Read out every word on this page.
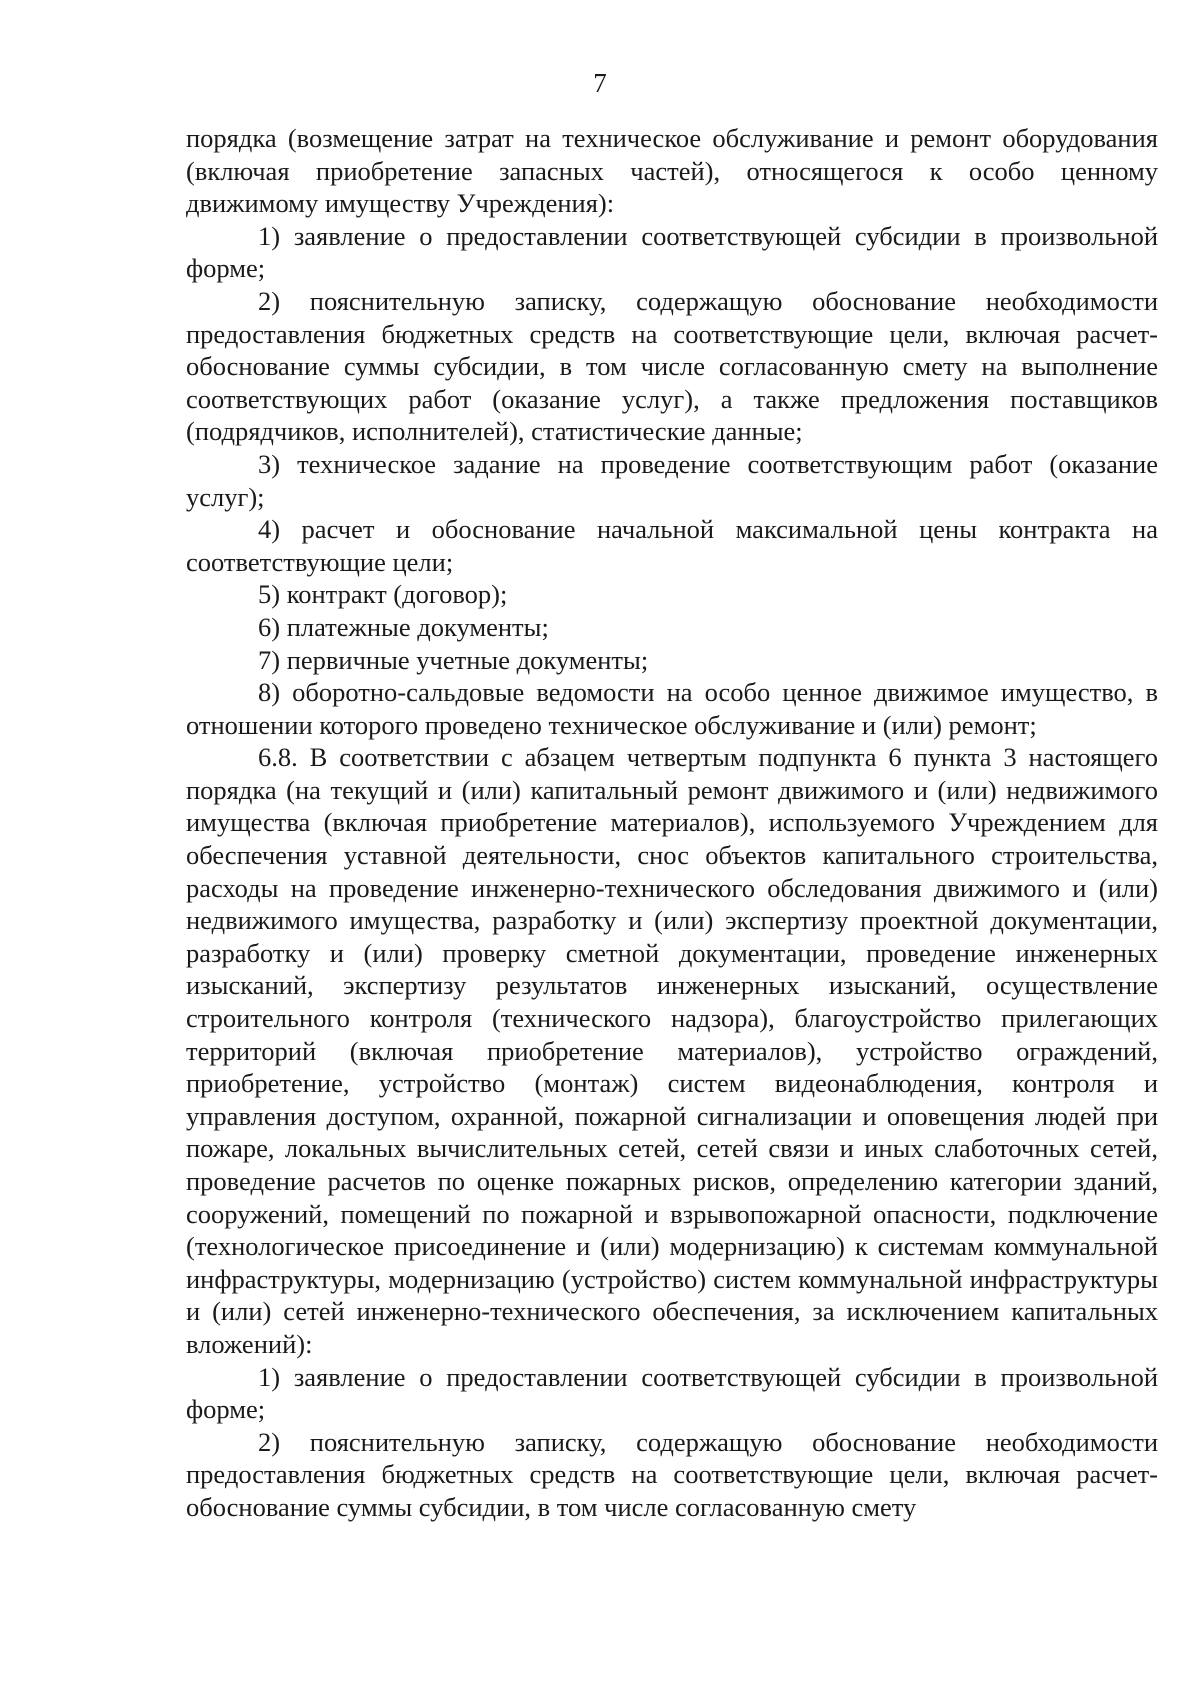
7

порядка (возмещение затрат на техническое обслуживание и ремонт оборудования (включая приобретение запасных частей), относящегося к особо ценному движимому имуществу Учреждения):

1) заявление о предоставлении соответствующей субсидии в произвольной форме;

2) пояснительную записку, содержащую обоснование необходимости предоставления бюджетных средств на соответствующие цели, включая расчет-обоснование суммы субсидии, в том числе согласованную смету на выполнение соответствующих работ (оказание услуг), а также предложения поставщиков (подрядчиков, исполнителей), статистические данные;

3) техническое задание на проведение соответствующим работ (оказание услуг);

4) расчет и обоснование начальной максимальной цены контракта на соответствующие цели;

5) контракт (договор);

6) платежные документы;

7) первичные учетные документы;

8) оборотно-сальдовые ведомости на особо ценное движимое имущество, в отношении которого проведено техническое обслуживание и (или) ремонт;

6.8. В соответствии с абзацем четвертым подпункта 6 пункта 3 настоящего порядка (на текущий и (или) капитальный ремонт движимого и (или) недвижимого имущества (включая приобретение материалов), используемого Учреждением для обеспечения уставной деятельности, снос объектов капитального строительства, расходы на проведение инженерно-технического обследования движимого и (или) недвижимого имущества, разработку и (или) экспертизу проектной документации, разработку и (или) проверку сметной документации, проведение инженерных изысканий, экспертизу результатов инженерных изысканий, осуществление строительного контроля (технического надзора), благоустройство прилегающих территорий (включая приобретение материалов), устройство ограждений, приобретение, устройство (монтаж) систем видеонаблюдения, контроля и управления доступом, охранной, пожарной сигнализации и оповещения людей при пожаре, локальных вычислительных сетей, сетей связи и иных слаботочных сетей, проведение расчетов по оценке пожарных рисков, определению категории зданий, сооружений, помещений по пожарной и взрывопожарной опасности, подключение (технологическое присоединение и (или) модернизацию) к системам коммунальной инфраструктуры, модернизацию (устройство) систем коммунальной инфраструктуры и (или) сетей инженерно-технического обеспечения, за исключением капитальных вложений):

1) заявление о предоставлении соответствующей субсидии в произвольной форме;

2) пояснительную записку, содержащую обоснование необходимости предоставления бюджетных средств на соответствующие цели, включая расчет-обоснование суммы субсидии, в том числе согласованную смету
